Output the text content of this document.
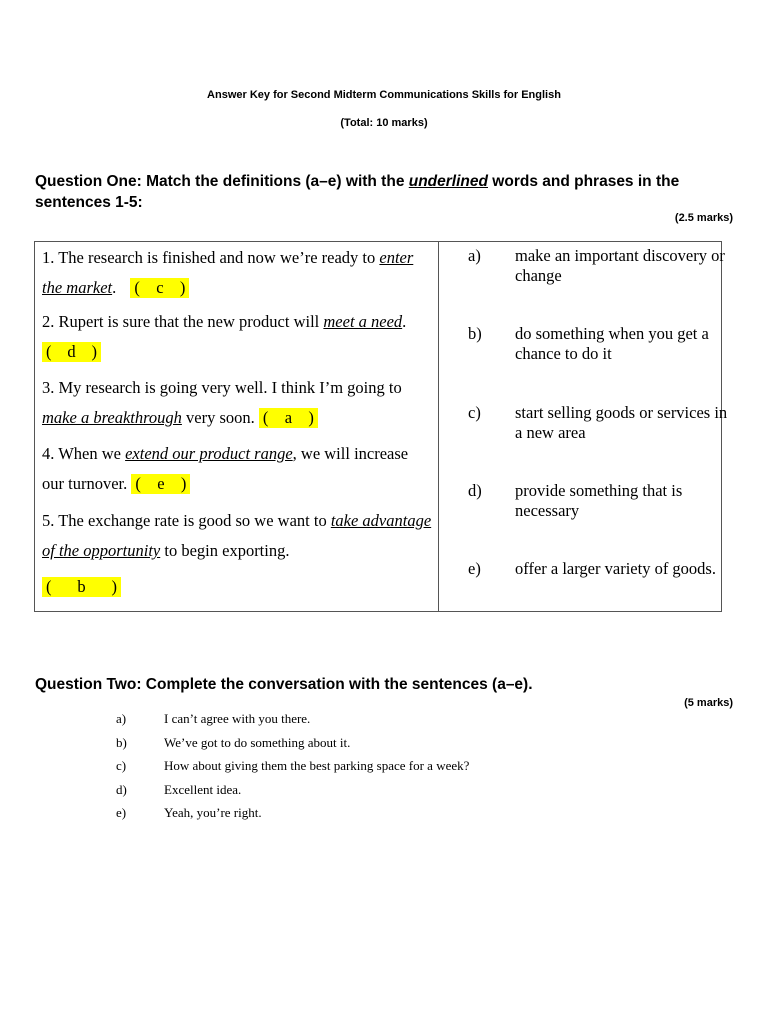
Answer Key for Second Midterm Communications Skills for English
(Total: 10 marks)
Question One: Match the definitions (a–e) with the underlined words and phrases in the sentences 1-5:
(2.5 marks)
1. The research is finished and now we’re ready to enter the market. ( c )
2. Rupert is sure that the new product will meet a need. ( d )
3. My research is going very well. I think I’m going to make a breakthrough very soon. ( a )
4. When we extend our product range, we will increase our turnover. ( e )
5. The exchange rate is good so we want to take advantage of the opportunity to begin exporting.
( b )
a) make an important discovery or change
b) do something when you get a chance to do it
c) start selling goods or services in a new area
d) provide something that is necessary
e) offer a larger variety of goods.
Question Two: Complete the conversation with the sentences (a–e).
(5 marks)
a)	I can’t agree with you there.
b)	We’ve got to do something about it.
c)	How about giving them the best parking space for a week?
d)	Excellent idea.
e)	Yeah, you’re right.
